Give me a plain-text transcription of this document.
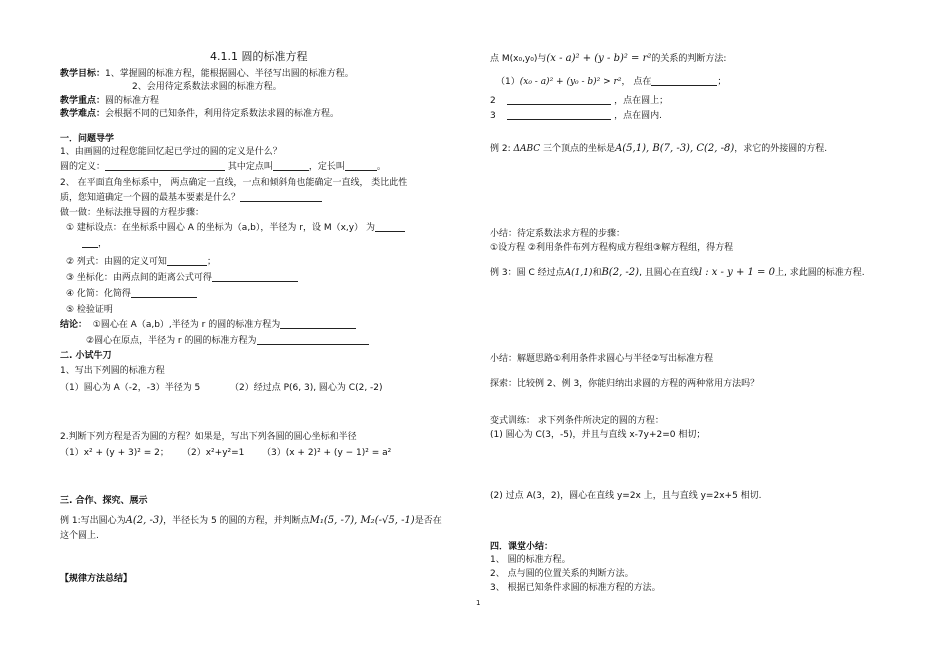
4.1.1 圆的标准方程
教学目标：1、掌握圆的标准方程，能根据圆心、半径写出圆的标准方程。
2、会用待定系数法求圆的标准方程。
教学重点：圆的标准方程
教学难点：会根据不同的已知条件，利用待定系数法求圆的标准方程。
一．问题导学
1、由画圆的过程您能回忆起已学过的圆的定义是什么？
圆的定义：	其中定点叫	，定长叫	。
2、 在平面直角坐标系中， 两点确定一直线，一点和倾斜角也能确定一直线， 类比此性
质，您知道确定一个圆的最基本要素是什么？
做一做：坐标法推导圆的方程步骤：
① 建标设点：在坐标系中圆心 A 的坐标为（a,b），半径为 r，设 M（x,y） 为
，
② 列式：由圆的定义可知	；
③ 坐标化：由两点间的距离公式可得
④ 化简：化简得
⑤ 检验证明
结论： ①圆心在 A（a,b）,半径为 r 的圆的标准方程为
②圆心在原点，半径为 r 的圆的标准方程为
二. 小试牛刀
1、写出下列圆的标准方程
（1）圆心为 A（-2，-3）半径为 5	（2）经过点 P(6, 3), 圆心为 C(2, -2)
2.判断下列方程是否为圆的方程？如果是，写出下列各圆的圆心坐标和半径
（1）x² + (y + 3)² = 2； （2）x²+y²=1 （3）(x + 2)² + (y − 1)² = a²
三. 合作、探究、展示
例 1:写出圆心为A(2, -3)，半径长为 5 的圆的方程，并判断点M₁(5, -7), M₂(-√5, -1)是否在
这个圆上.
【规律方法总结】
点 M(x₀,y₀)与(x - a)² + (y - b)² = r²的关系的判断方法:
（1）(x₀ - a)² + (y₀ - b)² > r²， 点在	；
2	，点在圆上；
3	，点在圆内.
例 2: ΔABC 三个顶点的坐标是A(5,1), B(7, -3), C(2, -8)，求它的外接圆的方程.
小结：待定系数法求方程的步骤：
①设方程 ②利用条件布列方程构成方程组③解方程组，得方程
例 3：圆 C 经过点A(1,1)和B(2, -2), 且圆心在直线l : x - y + 1 = 0上, 求此圆的标准方程.
小结：解题思路①利用条件求圆心与半径②写出标准方程
探索：比较例 2、例 3，你能归纳出求圆的方程的两种常用方法吗？
变式训练： 求下列条件所决定的圆的方程：
(1) 圆心为 C(3，-5)，并且与直线 x-7y+2=0 相切；
(2) 过点 A(3，2)，圆心在直线 y=2x 上，且与直线 y=2x+5 相切.
四．课堂小结：
1、 圆的标准方程。
2、 点与圆的位置关系的判断方法。
3、 根据已知条件求圆的标准方程的方法。
1
